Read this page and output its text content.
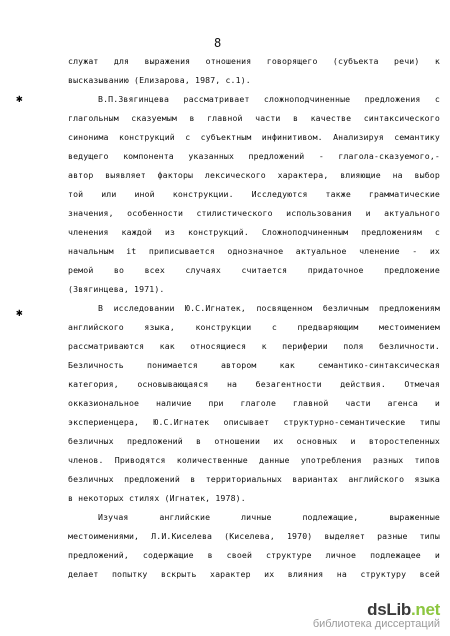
8
✱
✱
служат для выражения отношения говорящего (субъекта речи) к
высказыванию (Елизарова, 1987, с.1).
В.П.Звягинцева рассматривает сложноподчиненные предложения с
глагольным сказуемым в главной части в качестве синтаксического
синонима конструкций с субъектным инфинитивом. Анализируя семантику
ведущего компонента указанных предложений - глагола-сказуемого,-
автор выявляет факторы лексического характера, влияющие на выбор
той или иной конструкции. Исследуются также грамматические
значения, особенности стилистического использования и актуального
членения каждой из конструкций. Сложноподчиненным предложениям с
начальным it приписывается однозначное актуальное членение - их
ремой	во	всех	случаях	считается	придаточное	предложение
(Звягинцева, 1971).
В исследовании Ю.С.Игнатек, посвященном безличным предложениям
английского	языка,	конструкции	с	предваряющим	местоимением
рассматриваются как относящиеся к периферии поля безличности.
Безличность	понимается	автором	как	семантико-синтаксическая
категория, основывающаяся на безагентности действия. Отмечая
окказиональное наличие при глаголе главной части агенса и
экспериенцера, Ю.С.Игнатек описывает структурно-семантические типы
безличных предложений в отношении их основных и второстепенных
членов. Приводятся количественные данные употребления разных типов
безличных предложений в территориальных вариантах английского языка
в некоторых стилях (Игнатек, 1978).
Изучая	английские	личные	подлежащие,	выраженные
местоимениями, Л.И.Киселева (Киселева, 1970) выделяет разные типы
предложений, содержащие в своей структуре личное подлежащее и
делает попытку вскрыть характер их влияния на структуру всей
dsLib.net
библиотека диссертаций
